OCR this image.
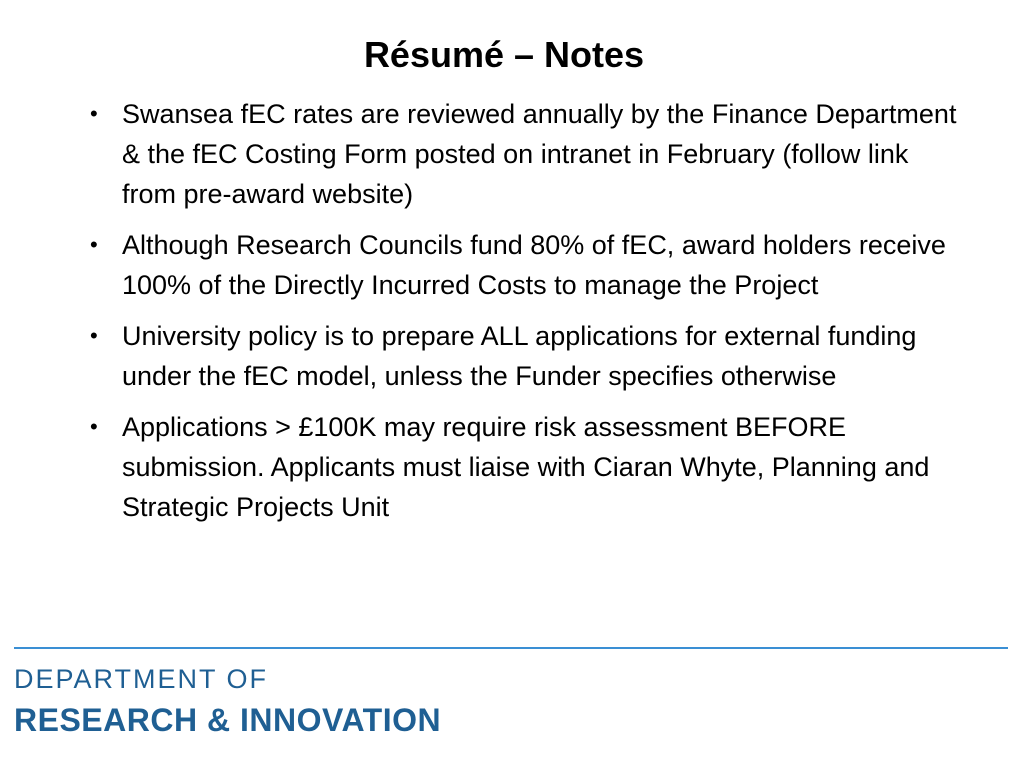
Résumé – Notes
• Swansea fEC rates are reviewed annually by the Finance Department & the fEC Costing Form posted on intranet in February (follow link from pre-award website)
• Although Research Councils fund 80% of fEC, award holders receive 100% of the Directly Incurred Costs to manage the Project
• University policy is to prepare ALL applications for external funding under the fEC model, unless the Funder specifies otherwise
• Applications > £100K may require risk assessment BEFORE submission. Applicants must liaise with Ciaran Whyte, Planning and Strategic Projects Unit
DEPARTMENT OF
RESEARCH & INNOVATION
